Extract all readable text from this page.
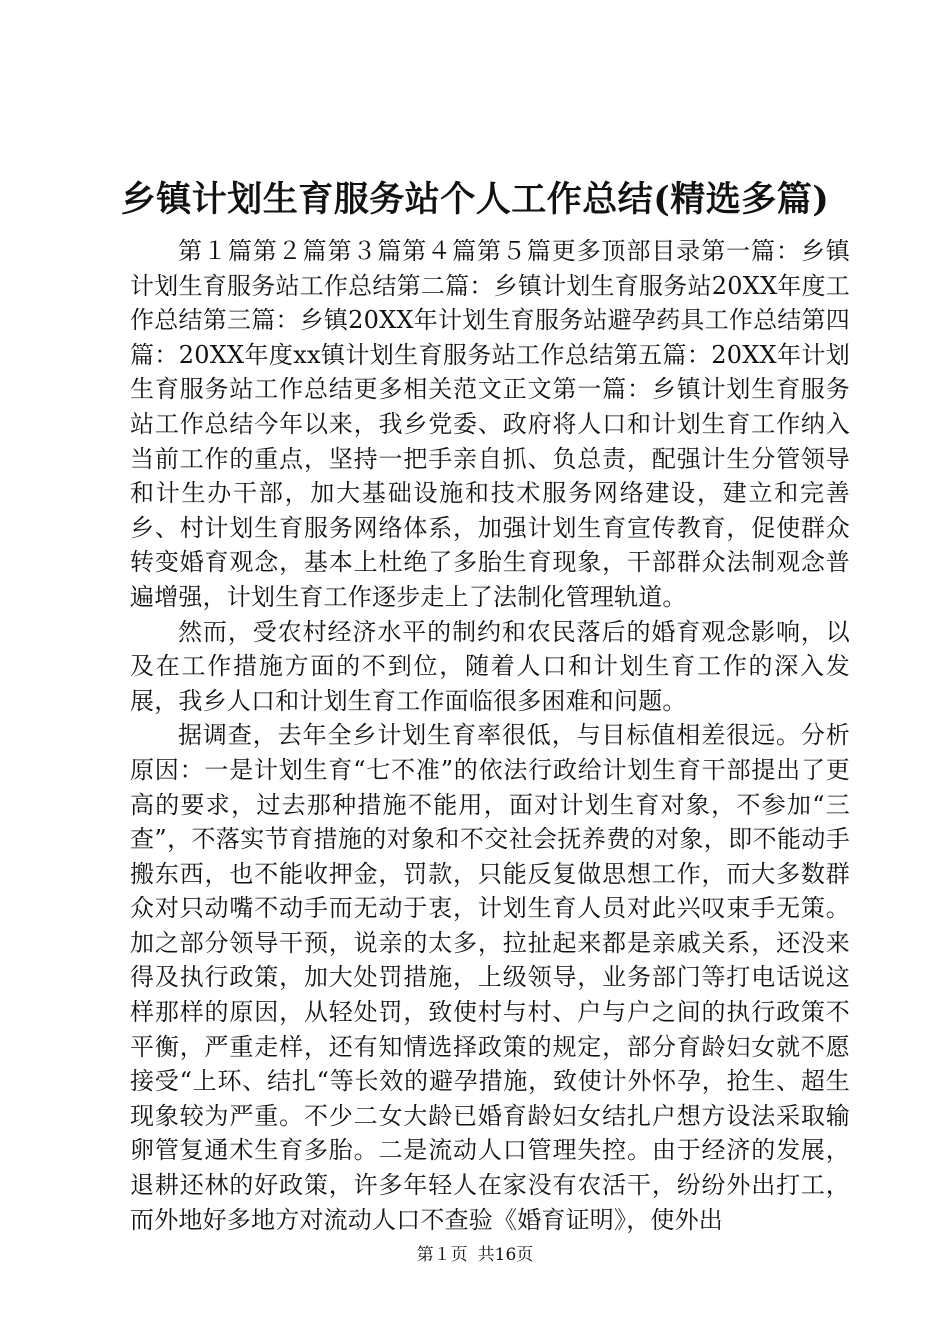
乡镇计划生育服务站个人工作总结(精选多篇)

第１篇第２篇第３篇第４篇第５篇更多顶部目录第一篇：乡镇计划生育服务站工作总结第二篇：乡镇计划生育服务站20XX年度工作总结第三篇：乡镇20XX年计划生育服务站避孕药具工作总结第四篇：20XX年度xx镇计划生育服务站工作总结第五篇：20XX年计划生育服务站工作总结更多相关范文正文第一篇：乡镇计划生育服务站工作总结今年以来，我乡党委、政府将人口和计划生育工作纳入当前工作的重点，坚持一把手亲自抓、负总责，配强计生分管领导和计生办干部，加大基础设施和技术服务网络建设，建立和完善乡、村计划生育服务网络体系，加强计划生育宣传教育，促使群众转变婚育观念，基本上杜绝了多胎生育现象，干部群众法制观念普遍增强，计划生育工作逐步走上了法制化管理轨道。

然而，受农村经济水平的制约和农民落后的婚育观念影响，以及在工作措施方面的不到位，随着人口和计划生育工作的深入发展，我乡人口和计划生育工作面临很多困难和问题。

据调查，去年全乡计划生育率很低，与目标值相差很远。分析原因：一是计划生育“七不准”的依法行政给计划生育干部提出了更高的要求，过去那种措施不能用，面对计划生育对象，不参加“三查”，不落实节育措施的对象和不交社会抚养费的对象，即不能动手搬东西，也不能收押金，罚款，只能反复做思想工作，而大多数群众对只动嘴不动手而无动于衷，计划生育人员对此兴叹束手无策。加之部分领导干预，说亲的太多，拉扯起来都是亲戚关系，还没来得及执行政策，加大处罚措施，上级领导，业务部门等打电话说这样那样的原因，从轻处罚，致使村与村、户与户之间的执行政策不平衡，严重走样，还有知情选择政策的规定，部分育龄妇女就不愿接受“上环、结扎“等长效的避孕措施，致使计外怀孕，抢生、超生现象较为严重。不少二女大龄已婚育龄妇女结扎户想方设法采取输卵管复通术生育多胎。二是流动人口管理失控。由于经济的发展，退耕还林的好政策，许多年轻人在家没有农活干，纷纷外出打工，而外地好多地方对流动人口不查验《婚育证明》，使外出

第１页 共16页
